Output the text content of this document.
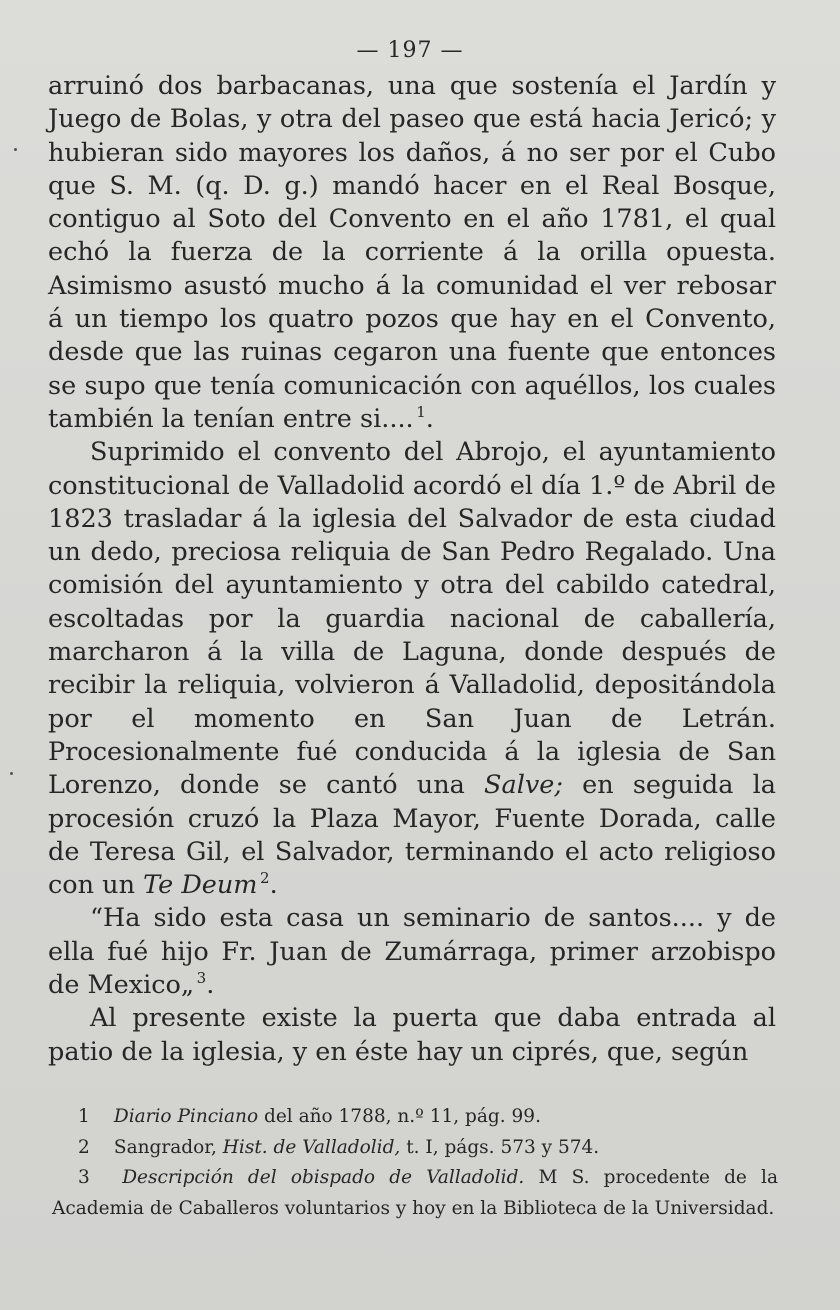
— 197 —

arruinó dos barbacanas, una que sostenía el Jardín y Juego de Bolas, y otra del paseo que está hacia Jericó; y hubieran sido mayores los daños, á no ser por el Cubo que S. M. (q. D. g.) mandó hacer en el Real Bosque, contiguo al Soto del Convento en el año 1781, el qual echó la fuerza de la corriente á la orilla opuesta. Asimismo asustó mucho á la comunidad el ver rebosar á un tiempo los quatro pozos que hay en el Convento, desde que las ruinas cegaron una fuente que entonces se supo que tenía comunicación con aquéllos, los cuales también la tenían entre si....  $^1$.

Suprimido el convento del Abrojo, el ayuntamiento constitucional de Valladolid acordó el día 1.º de Abril de 1823 trasladar á la iglesia del Salvador de esta ciudad un dedo, preciosa reliquia de San Pedro Regalado. Una comisión del ayuntamiento y otra del cabildo catedral, escoltadas por la guardia nacional de caballería, marcharon á la villa de Laguna, donde después de recibir la reliquia, volvieron á Valladolid, depositándola por el momento en San Juan de Letrán. Procesionalmente fué conducida á la iglesia de San Lorenzo, donde se cantó una Salve; en seguida la procesión cruzó la Plaza Mayor, Fuente Dorada, calle de Teresa Gil, el Salvador, terminando el acto religioso con un Te Deum  $^2$.

“Ha sido esta casa un seminario de santos.... y de ella fué hijo Fr. Juan de Zumárraga, primer arzobispo de Mexico„  $^3$.

Al presente existe la puerta que daba entrada al patio de la iglesia, y en éste hay un ciprés, que, según

1 Diario Pinciano del año 1788, n.º 11, pág. 99.

2 Sangrador, Hist. de Valladolid, t. I, págs. 573 y 574.

3 Descripción del obispado de Valladolid. M S. procedente de la Academia de Caballeros voluntarios y hoy en la Biblioteca de la Universidad.
